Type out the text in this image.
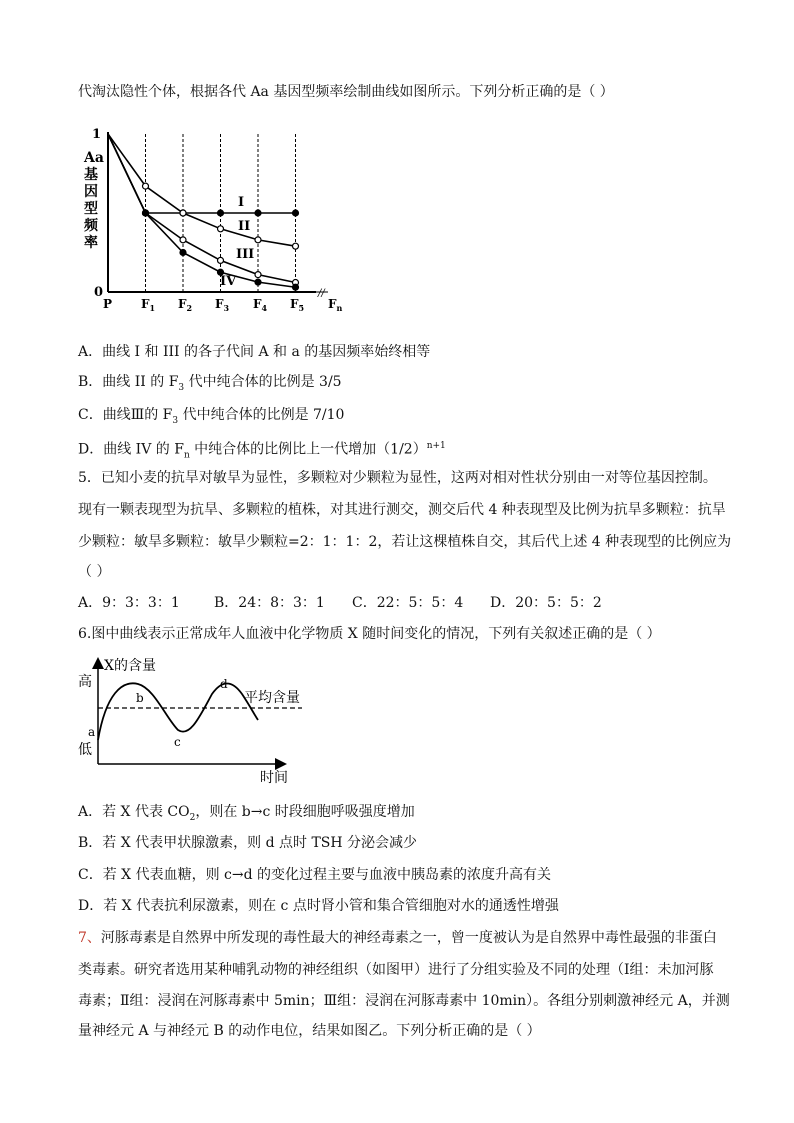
代淘汰隐性个体，根据各代 Aa 基因型频率绘制曲线如图所示。下列分析正确的是（ ）
//
1
0
Aa
基
因
型
频
率
P $F_1$ $F_2$ $F_3$ $F_4$ $F_5$ $F_n$
I
II
III
IV
A．曲线 I 和 III 的各子代间 A 和 a 的基因频率始终相等
B．曲线 II 的 $F_3$ 代中纯合体的比例是 3/5
C．曲线Ⅲ的 $F_3$ 代中纯合体的比例是 7/10
D．曲线 IV 的 $F_n$ 中纯合体的比例比上一代增加$(1/2)^{n+1}$
5．已知小麦的抗旱对敏旱为显性，多颗粒对少颗粒为显性，这两对相对性状分别由一对等位基因控制。
现有一颗表现型为抗旱、多颗粒的植株，对其进行测交，测交后代 4 种表现型及比例为抗旱多颗粒：抗旱
少颗粒：敏旱多颗粒：敏旱少颗粒=2：1：1：2，若让这棵植株自交，其后代上述 4 种表现型的比例应为
（ ）
A．9：3：3：1 B．24：8：3：1 C．22：5：5：4 D．20：5：5：2
6.图中曲线表示正常成年人血液中化学物质 X 随时间变化的情况，下列有关叙述正确的是（ ）
X的含量
高
低
时间
平均含量
a
b
c
d
A．若 X 代表 $CO_2$，则在 b→c 时段细胞呼吸强度增加
B．若 X 代表甲状腺激素，则 d 点时 TSH 分泌会减少
C．若 X 代表血糖，则 c→d 的变化过程主要与血液中胰岛素的浓度升高有关
D．若 X 代表抗利尿激素，则在 c 点时肾小管和集合管细胞对水的通透性增强
7、河豚毒素是自然界中所发现的毒性最大的神经毒素之一，曾一度被认为是自然界中毒性最强的非蛋白
类毒素。研究者选用某种哺乳动物的神经组织（如图甲）进行了分组实验及不同的处理（Ⅰ组：未加河豚
毒素；Ⅱ组：浸润在河豚毒素中 5min；Ⅲ组：浸润在河豚毒素中 10min）。各组分别刺激神经元 A，并测
量神经元 A 与神经元 B 的动作电位，结果如图乙。下列分析正确的是（ ）
